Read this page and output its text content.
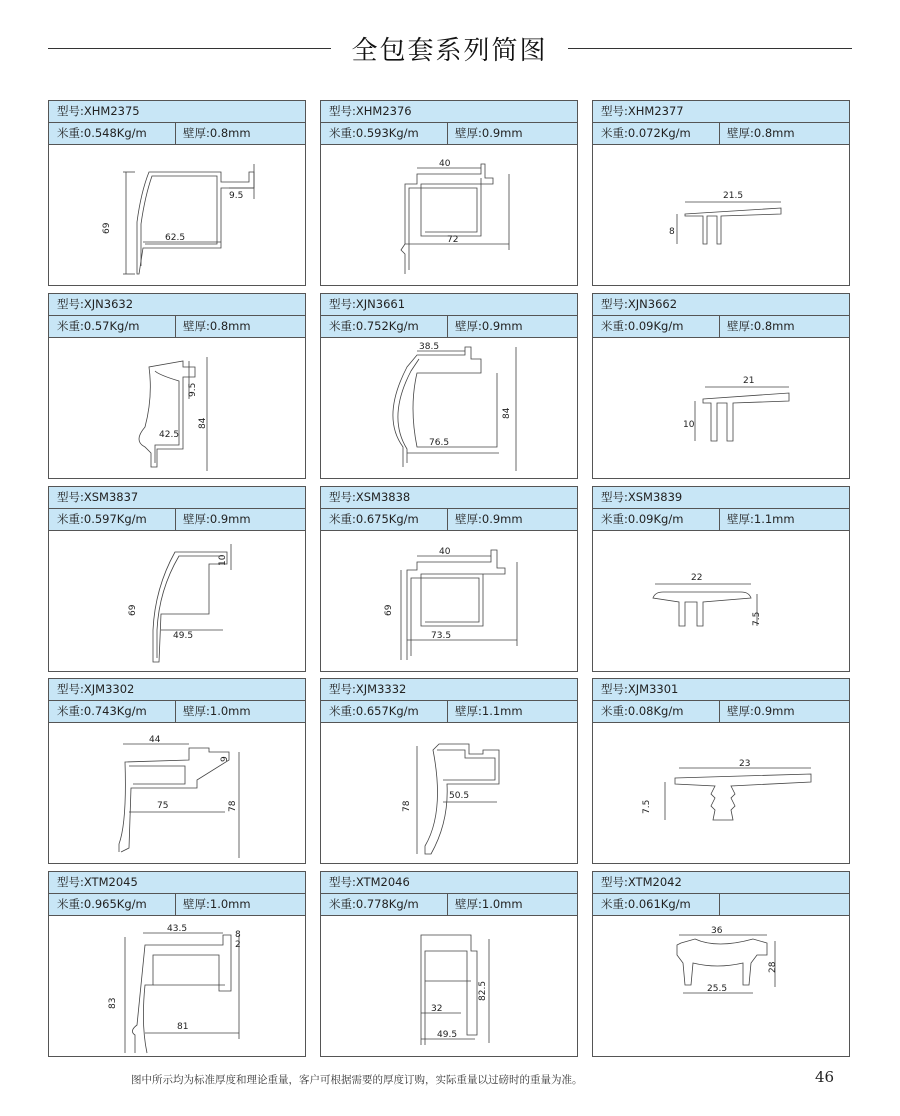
全包套系列简图
型号:XHM2375
米重:0.548Kg/m	壁厚:0.8mm
69
9.5
62.5
型号:XHM2376
米重:0.593Kg/m	壁厚:0.9mm
40
72
型号:XHM2377
米重:0.072Kg/m	壁厚:0.8mm
21.5
8
型号:XJN3632
米重:0.57Kg/m	壁厚:0.8mm
9.5
84
42.5
型号:XJN3661
米重:0.752Kg/m	壁厚:0.9mm
38.5
84
76.5
型号:XJN3662
米重:0.09Kg/m	壁厚:0.8mm
21
10
型号:XSM3837
米重:0.597Kg/m	壁厚:0.9mm
10
69
49.5
型号:XSM3838
米重:0.675Kg/m	壁厚:0.9mm
40
69
73.5
型号:XSM3839
米重:0.09Kg/m	壁厚:1.1mm
22
7.5
型号:XJM3302
米重:0.743Kg/m	壁厚:1.0mm
44
9
75	78
型号:XJM3332
米重:0.657Kg/m	壁厚:1.1mm
78
50.5
型号:XJM3301
米重:0.08Kg/m	壁厚:0.9mm
23
7.5
型号:XTM2045
米重:0.965Kg/m	壁厚:1.0mm
43.5
8
2
83
81
型号:XTM2046
米重:0.778Kg/m	壁厚:1.0mm
82.5
32
49.5
型号:XTM2042
米重:0.061Kg/m
36
28
25.5
图中所示均为标准厚度和理论重量，客户可根据需要的厚度订购，实际重量以过磅时的重量为准。	46
